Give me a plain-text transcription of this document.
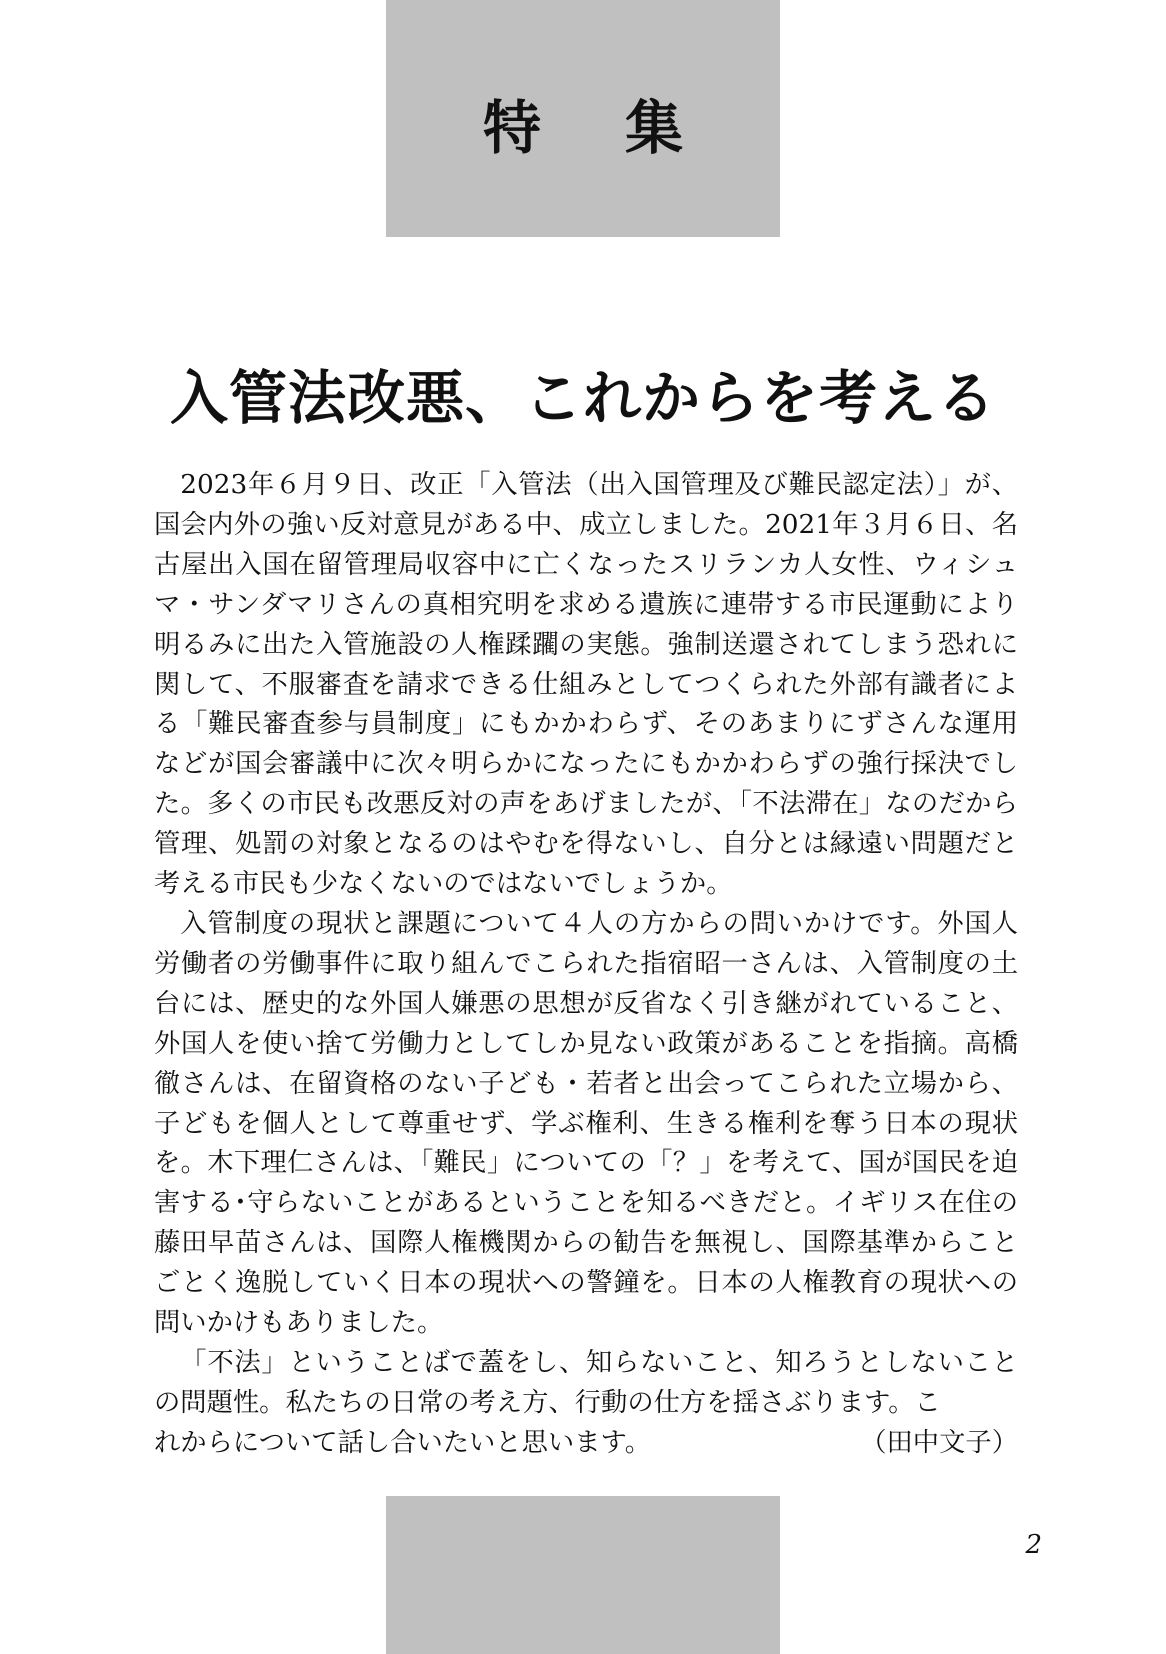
特集
入管法改悪、これからを考える

2023年６月９日、改正「入管法（出入国管理及び難民認定法）」が、国会内外の強い反対意見がある中、成立しました。2021年３月６日、名古屋出入国在留管理局収容中に亡くなったスリランカ人女性、ウィシュマ・サンダマリさんの真相究明を求める遺族に連帯する市民運動により明るみに出た入管施設の人権蹂躙の実態。強制送還されてしまう恐れに関して、不服審査を請求できる仕組みとしてつくられた外部有識者による「難民審査参与員制度」にもかかわらず、そのあまりにずさんな運用などが国会審議中に次々明らかになったにもかかわらずの強行採決でした。多くの市民も改悪反対の声をあげましたが、「不法滞在」なのだから管理、処罰の対象となるのはやむを得ないし、自分とは縁遠い問題だと考える市民も少なくないのではないでしょうか。

入管制度の現状と課題について４人の方からの問いかけです。外国人労働者の労働事件に取り組んでこられた指宿昭一さんは、入管制度の土台には、歴史的な外国人嫌悪の思想が反省なく引き継がれていること、外国人を使い捨て労働力としてしか見ない政策があることを指摘。高橋徹さんは、在留資格のない子ども・若者と出会ってこられた立場から、子どもを個人として尊重せず、学ぶ権利、生きる権利を奪う日本の現状を。木下理仁さんは、「難民」についての「？」を考えて、国が国民を迫害する･守らないことがあるということを知るべきだと。イギリス在住の藤田早苗さんは、国際人権機関からの勧告を無視し、国際基準からことごとく逸脱していく日本の現状への警鐘を。日本の人権教育の現状への問いかけもありました。

「不法」ということばで蓋をし、知らないこと、知ろうとしないことの問題性。私たちの日常の考え方、行動の仕方を揺さぶります。こ

れからについて話し合いたいと思います。	（田中文子）
2
